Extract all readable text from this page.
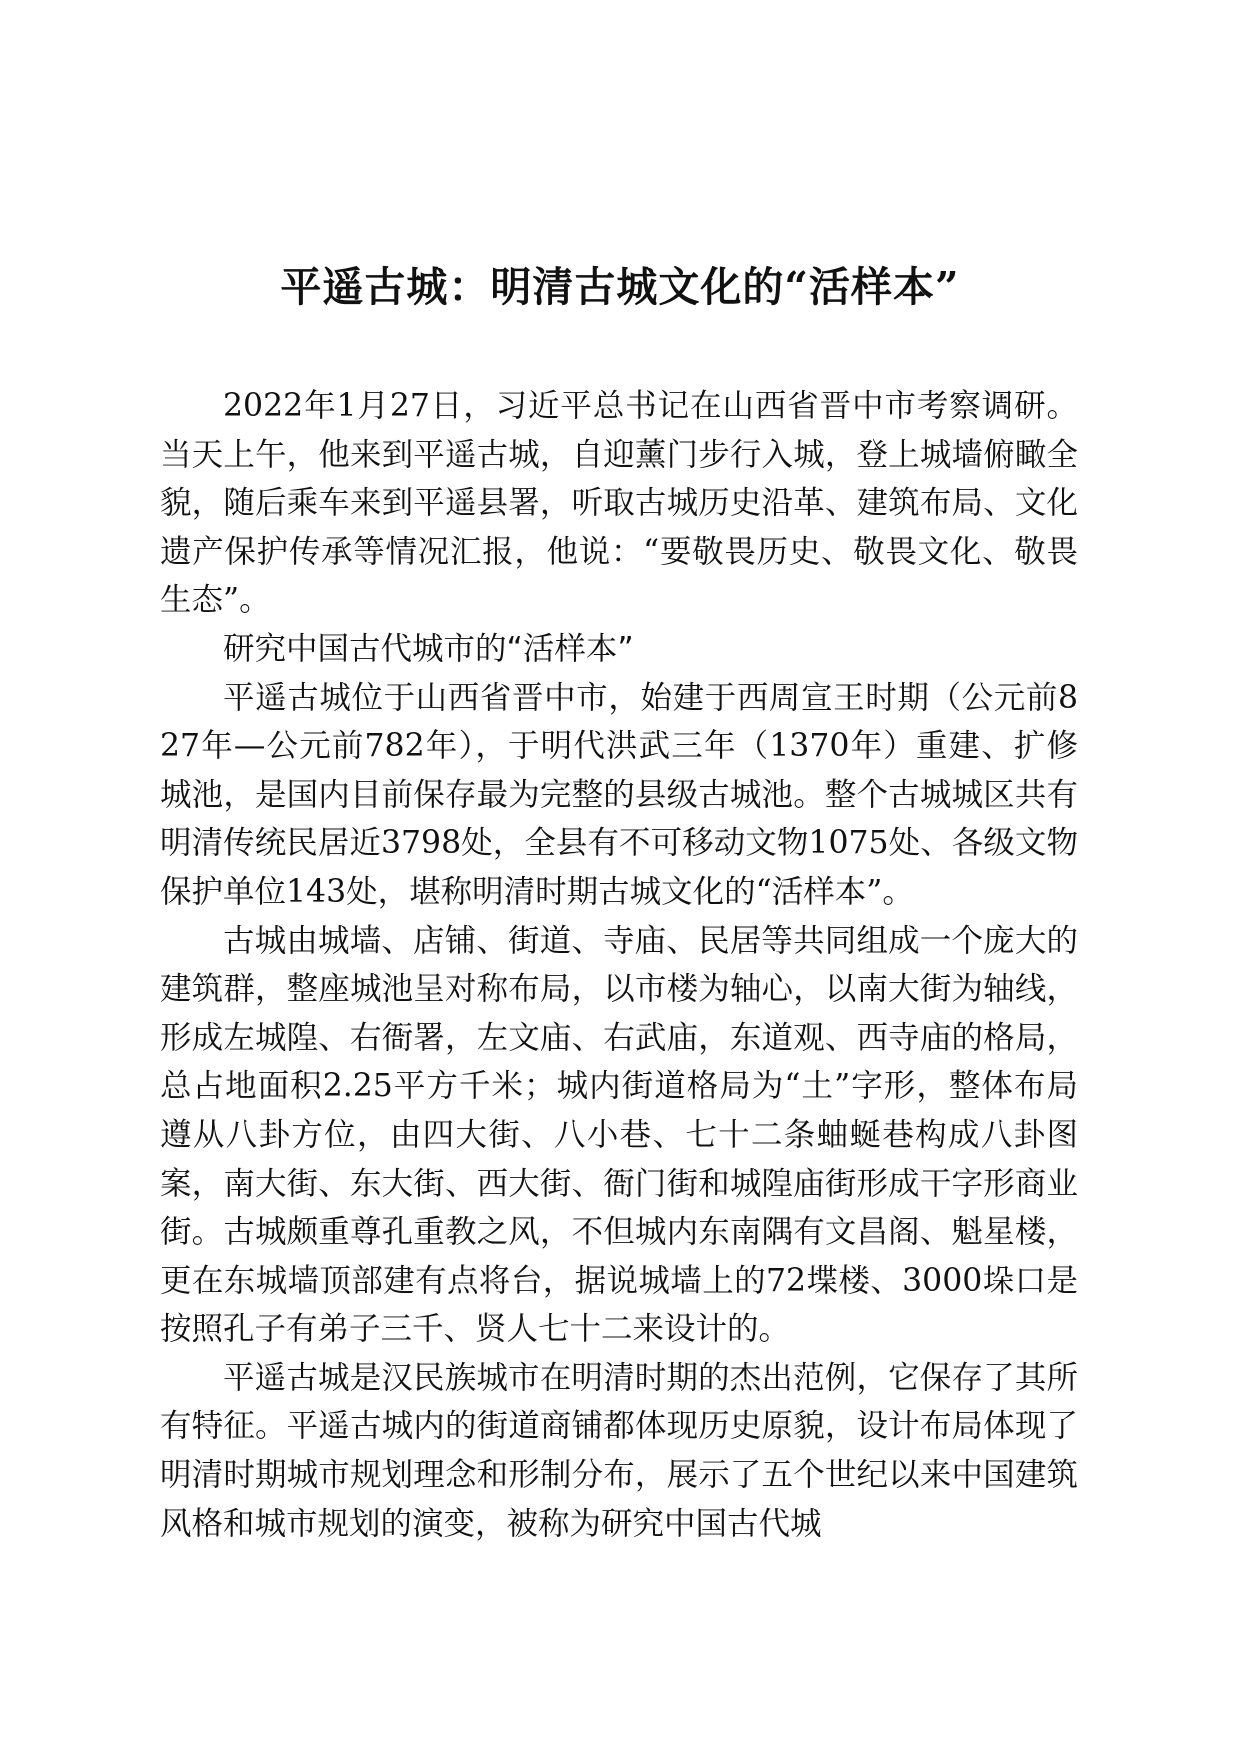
平遥古城：明清古城文化的“活样本”

2022年1月27日，习近平总书记在山西省晋中市考察调研。当天上午，他来到平遥古城，自迎薰门步行入城，登上城墙俯瞰全貌，随后乘车来到平遥县署，听取古城历史沿革、建筑布局、文化遗产保护传承等情况汇报，他说：“要敬畏历史、敬畏文化、敬畏生态”。

研究中国古代城市的“活样本”

平遥古城位于山西省晋中市，始建于西周宣王时期（公元前827年—公元前782年），于明代洪武三年（1370年）重建、扩修城池，是国内目前保存最为完整的县级古城池。整个古城城区共有明清传统民居近3798处，全县有不可移动文物1075处、各级文物保护单位143处，堪称明清时期古城文化的“活样本”。

古城由城墙、店铺、街道、寺庙、民居等共同组成一个庞大的建筑群，整座城池呈对称布局，以市楼为轴心，以南大街为轴线，形成左城隍、右衙署，左文庙、右武庙，东道观、西寺庙的格局，总占地面积2.25平方千米；城内街道格局为“土”字形，整体布局遵从八卦方位，由四大街、八小巷、七十二条蚰蜒巷构成八卦图案，南大街、东大街、西大街、衙门街和城隍庙街形成干字形商业街。古城颇重尊孔重教之风，不但城内东南隅有文昌阁、魁星楼，更在东城墙顶部建有点将台，据说城墙上的72堞楼、3000垛口是按照孔子有弟子三千、贤人七十二来设计的。

平遥古城是汉民族城市在明清时期的杰出范例，它保存了其所有特征。平遥古城内的街道商铺都体现历史原貌，设计布局体现了明清时期城市规划理念和形制分布，展示了五个世纪以来中国建筑风格和城市规划的演变，被称为研究中国古代城
